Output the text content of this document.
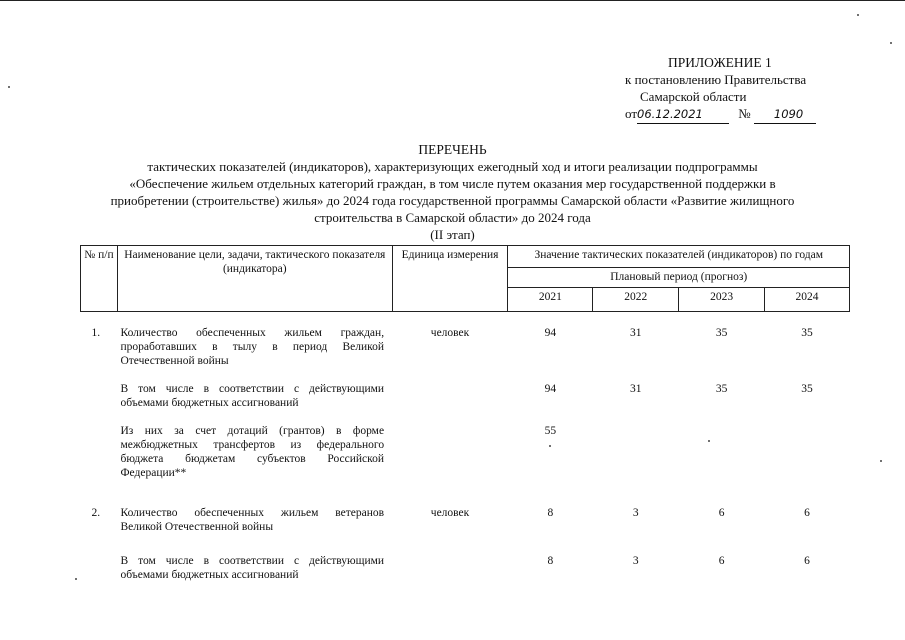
ПРИЛОЖЕНИЕ 1
к постановлению Правительства
Самарской области
от06.12.2021	№ 1090
ПЕРЕЧЕНЬ
тактических показателей (индикаторов), характеризующих ежегодный ход и итоги реализации подпрограммы
«Обеспечение жильем отдельных категорий граждан, в том числе путем оказания мер государственной поддержки в
приобретении (строительстве) жилья» до 2024 года государственной программы Самарской области «Развитие жилищного
строительства в Самарской области» до 2024 года
(II этап)
№ п/п	Наименование цели, задачи, тактического показателя (индикатора)	Единица измерения	Значение тактических показателей (индикаторов) по годам			
			Плановый период (прогноз)			
			2021	2022	2023	2024

1.	Количество обеспеченных жильем граждан, проработавших в тылу в период Великой Отечественной войны	человек	94	31	35	35

	В том числе в соответствии с действующими объемами бюджетных ассигнований		94	31	35	35

	Из них за счет дотаций (грантов) в форме межбюджетных трансфертов из федерального бюджета бюджетам субъектов Российской Федерации**		55			

2.	Количество обеспеченных жильем ветеранов Великой Отечественной войны	человек	8	3	6	6

	В том числе в соответствии с действующими объемами бюджетных ассигнований		8	3	6	6
